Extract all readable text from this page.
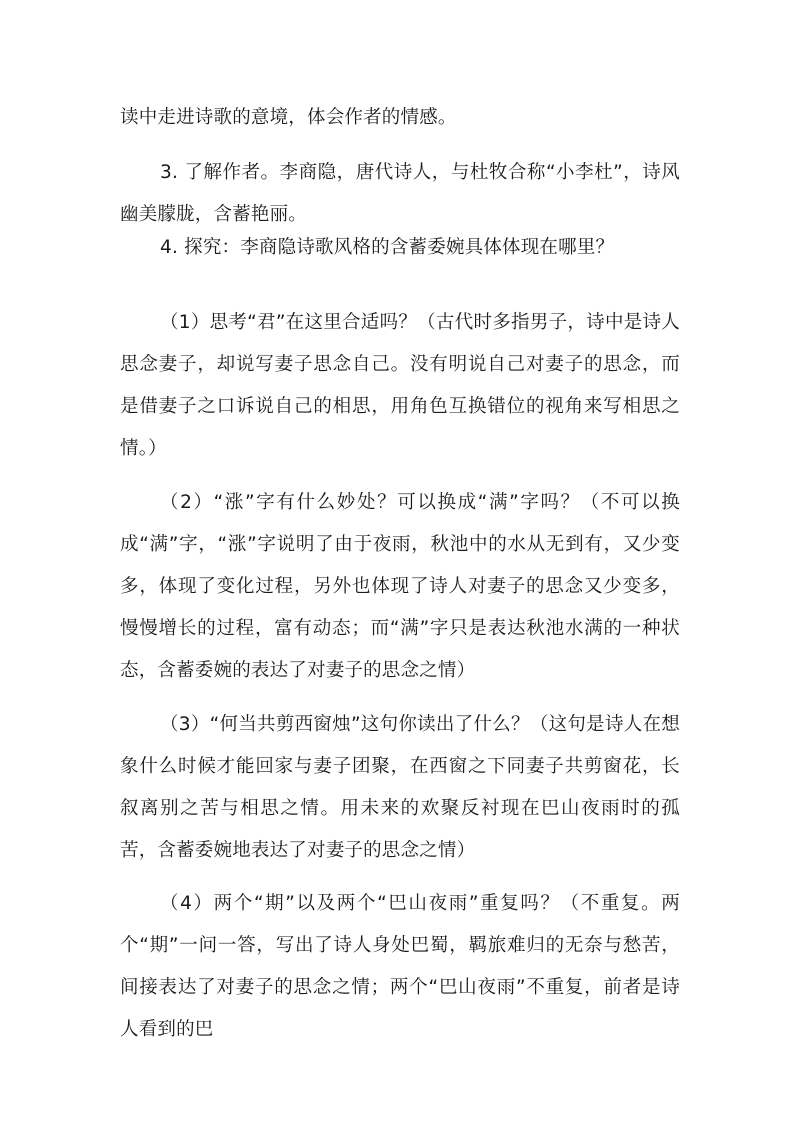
读中走进诗歌的意境，体会作者的情感。

3. 了解作者。李商隐，唐代诗人，与杜牧合称“小李杜”，诗风幽美朦胧，含蓄艳丽。

4. 探究：李商隐诗歌风格的含蓄委婉具体体现在哪里？

（1）思考“君”在这里合适吗？（古代时多指男子，诗中是诗人思念妻子，却说写妻子思念自己。没有明说自己对妻子的思念，而是借妻子之口诉说自己的相思，用角色互换错位的视角来写相思之情。）

（2）“涨”字有什么妙处？可以换成“满”字吗？（不可以换成“满”字，“涨”字说明了由于夜雨，秋池中的水从无到有，又少变多，体现了变化过程，另外也体现了诗人对妻子的思念又少变多，慢慢增长的过程，富有动态；而“满”字只是表达秋池水满的一种状态，含蓄委婉的表达了对妻子的思念之情）

（3）“何当共剪西窗烛”这句你读出了什么？（这句是诗人在想象什么时候才能回家与妻子团聚，在西窗之下同妻子共剪窗花，长叙离别之苦与相思之情。用未来的欢聚反衬现在巴山夜雨时的孤苦，含蓄委婉地表达了对妻子的思念之情）

（4）两个“期”以及两个“巴山夜雨”重复吗？（不重复。两个“期”一问一答，写出了诗人身处巴蜀，羁旅难归的无奈与愁苦，间接表达了对妻子的思念之情；两个“巴山夜雨”不重复，前者是诗人看到的巴
